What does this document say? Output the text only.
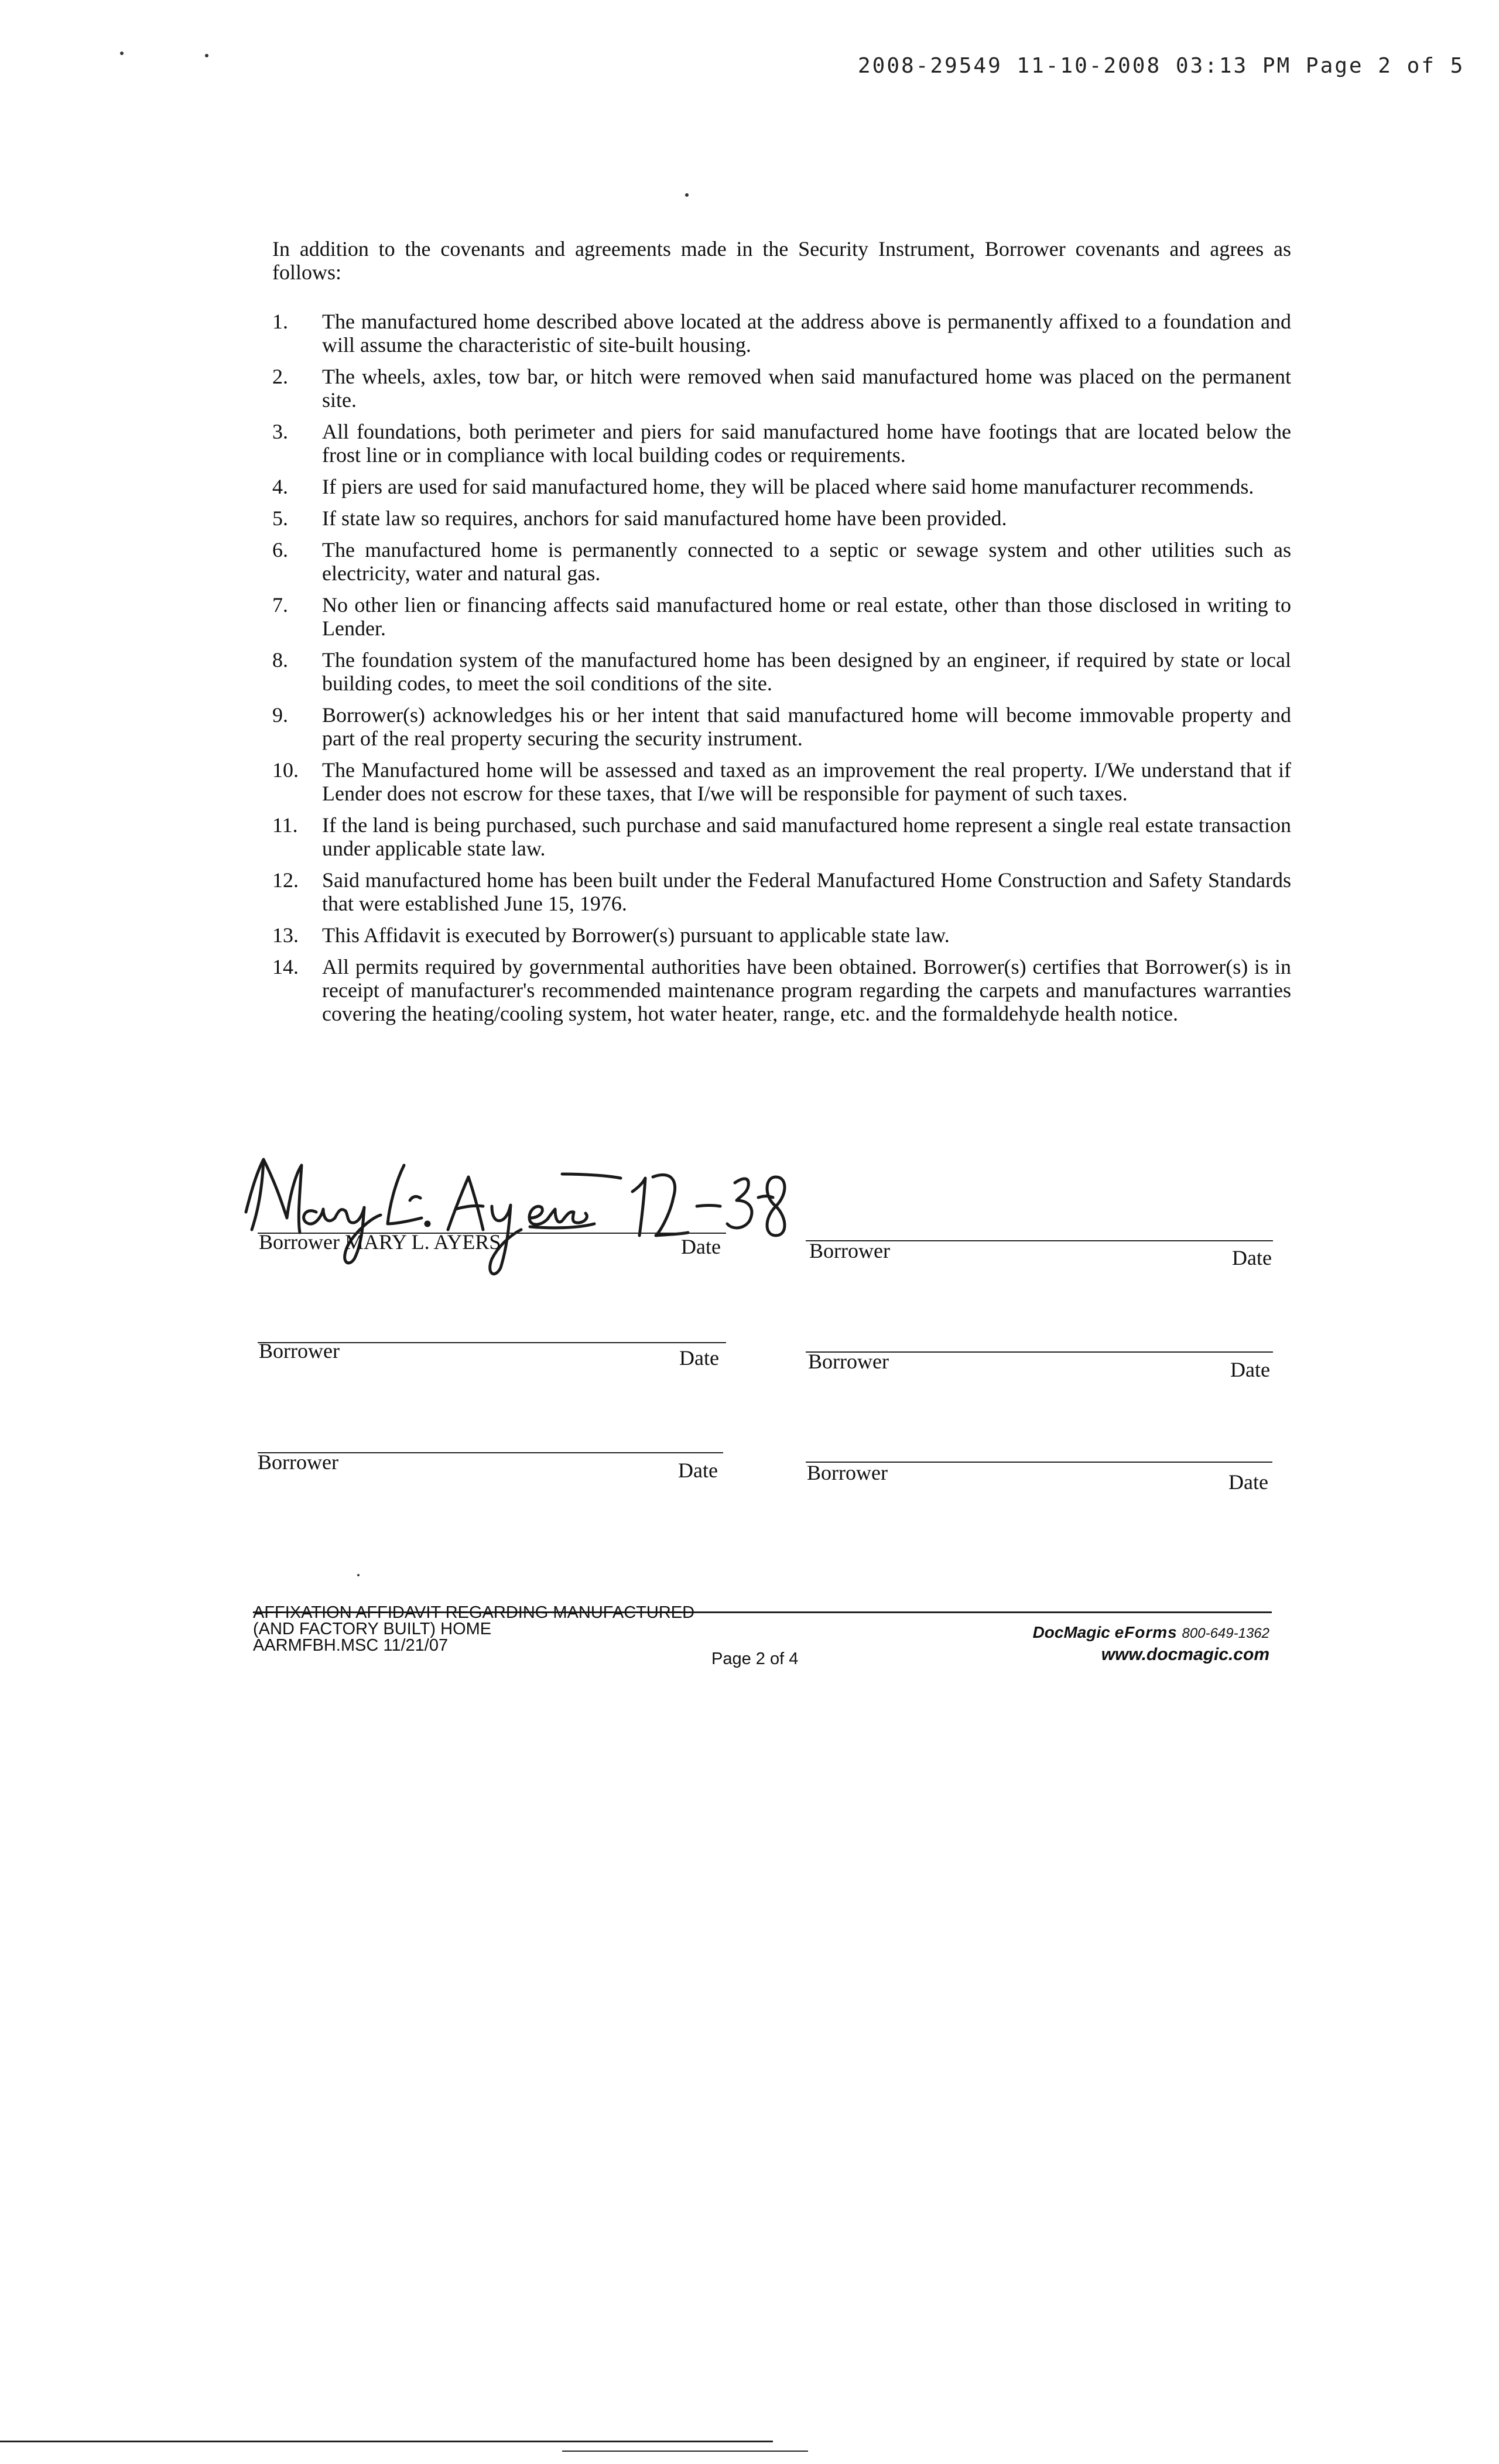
2008-29549 11-10-2008 03:13 PM Page 2 of 5

In addition to the covenants and agreements made in the Security Instrument, Borrower covenants and agrees as follows:

1. The manufactured home described above located at the address above is permanently affixed to a foundation and will assume the characteristic of site-built housing.
2. The wheels, axles, tow bar, or hitch were removed when said manufactured home was placed on the permanent site.
3. All foundations, both perimeter and piers for said manufactured home have footings that are located below the frost line or in compliance with local building codes or requirements.
4. If piers are used for said manufactured home, they will be placed where said home manufacturer recommends.
5. If state law so requires, anchors for said manufactured home have been provided.
6. The manufactured home is permanently connected to a septic or sewage system and other utilities such as electricity, water and natural gas.
7. No other lien or financing affects said manufactured home or real estate, other than those disclosed in writing to Lender.
8. The foundation system of the manufactured home has been designed by an engineer, if required by state or local building codes, to meet the soil conditions of the site.
9. Borrower(s) acknowledges his or her intent that said manufactured home will become immovable property and part of the real property securing the security instrument.
10. The Manufactured home will be assessed and taxed as an improvement the real property. I/We understand that if Lender does not escrow for these taxes, that I/we will be responsible for payment of such taxes.
11. If the land is being purchased, such purchase and said manufactured home represent a single real estate transaction under applicable state law.
12. Said manufactured home has been built under the Federal Manufactured Home Construction and Safety Standards that were established June 15, 1976.
13. This Affidavit is executed by Borrower(s) pursuant to applicable state law.
14. All permits required by governmental authorities have been obtained. Borrower(s) certifies that Borrower(s) is in receipt of manufacturer's recommended maintenance program regarding the carpets and manufactures warranties covering the heating/cooling system, hot water heater, range, etc. and the formaldehyde health notice.
Borrower MARY L. AYERS	Date	Borrower	Date
Borrower	Date	Borrower	Date
Borrower	Date	Borrower	Date
AFFIXATION AFFIDAVIT REGARDING MANUFACTURED
(AND FACTORY BUILT) HOME
AARMFBH.MSC 11/21/07
Page 2 of 4
DocMagic eForms 800-649-1362
www.docmagic.com
